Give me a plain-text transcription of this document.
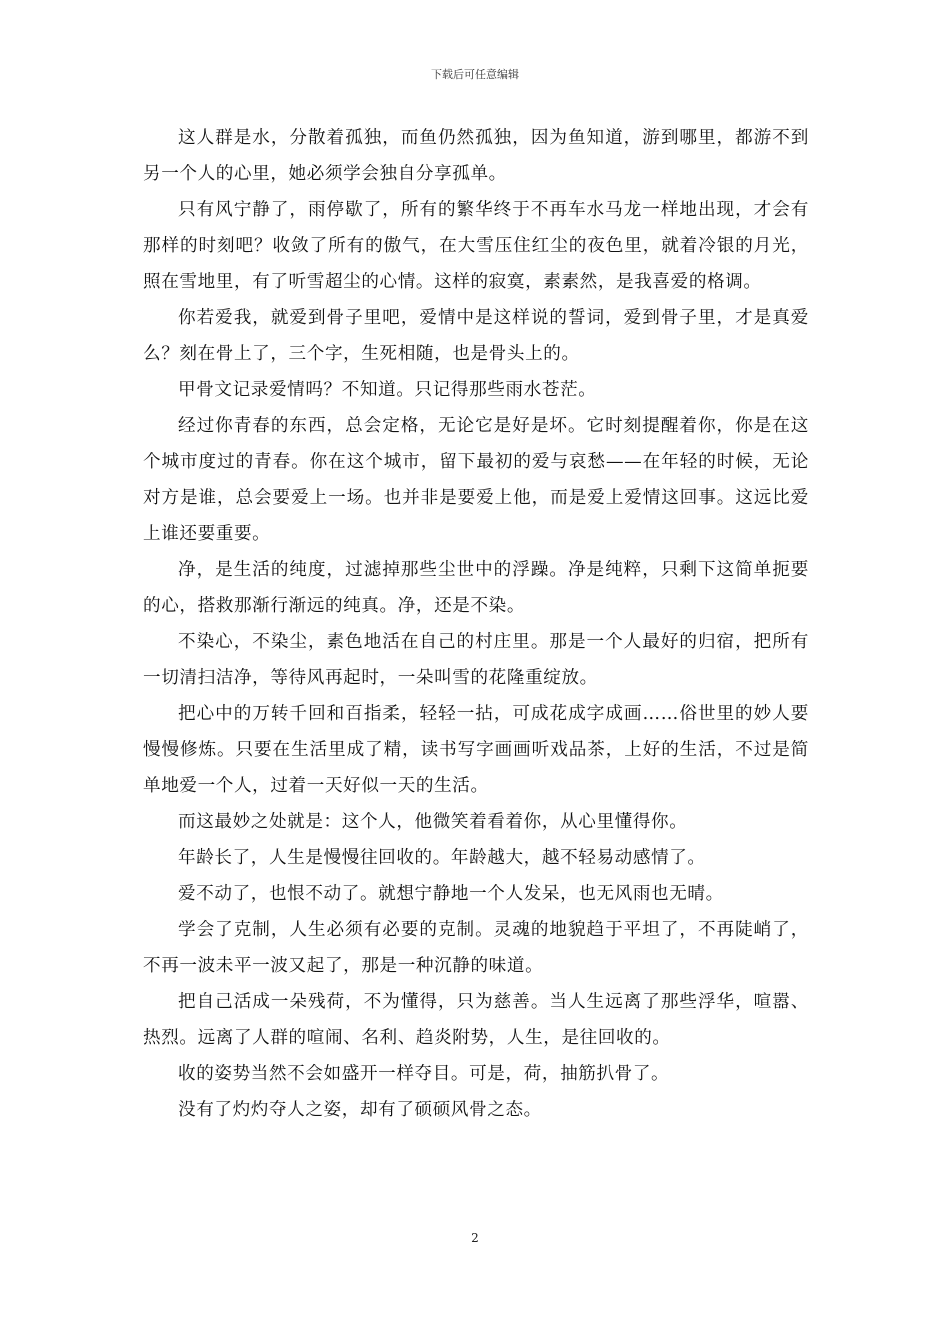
下载后可任意编辑

这人群是水，分散着孤独，而鱼仍然孤独，因为鱼知道，游到哪里，都游不到另一个人的心里，她必须学会独自分享孤单。

只有风宁静了，雨停歇了，所有的繁华终于不再车水马龙一样地出现，才会有那样的时刻吧？收敛了所有的傲气，在大雪压住红尘的夜色里，就着冷银的月光，照在雪地里，有了听雪超尘的心情。这样的寂寞，素素然，是我喜爱的格调。

你若爱我，就爱到骨子里吧，爱情中是这样说的誓词，爱到骨子里，才是真爱么？刻在骨上了，三个字，生死相随，也是骨头上的。

甲骨文记录爱情吗？不知道。只记得那些雨水苍茫。

经过你青春的东西，总会定格，无论它是好是坏。它时刻提醒着你，你是在这个城市度过的青春。你在这个城市，留下最初的爱与哀愁——在年轻的时候，无论对方是谁，总会要爱上一场。也并非是要爱上他，而是爱上爱情这回事。这远比爱上谁还要重要。

净，是生活的纯度，过滤掉那些尘世中的浮躁。净是纯粹，只剩下这简单扼要的心，搭救那渐行渐远的纯真。净，还是不染。

不染心，不染尘，素色地活在自己的村庄里。那是一个人最好的归宿，把所有一切清扫洁净，等待风再起时，一朵叫雪的花隆重绽放。

把心中的万转千回和百指柔，轻轻一拈，可成花成字成画……俗世里的妙人要慢慢修炼。只要在生活里成了精，读书写字画画听戏品茶，上好的生活，不过是简单地爱一个人，过着一天好似一天的生活。

而这最妙之处就是：这个人，他微笑着看着你，从心里懂得你。

年龄长了，人生是慢慢往回收的。年龄越大，越不轻易动感情了。

爱不动了，也恨不动了。就想宁静地一个人发呆，也无风雨也无晴。

学会了克制，人生必须有必要的克制。灵魂的地貌趋于平坦了，不再陡峭了，不再一波未平一波又起了，那是一种沉静的味道。

把自己活成一朵残荷，不为懂得，只为慈善。当人生远离了那些浮华，喧嚣、热烈。远离了人群的喧闹、名利、趋炎附势，人生，是往回收的。

收的姿势当然不会如盛开一样夺目。可是，荷，抽筋扒骨了。

没有了灼灼夺人之姿，却有了硕硕风骨之态。

2
